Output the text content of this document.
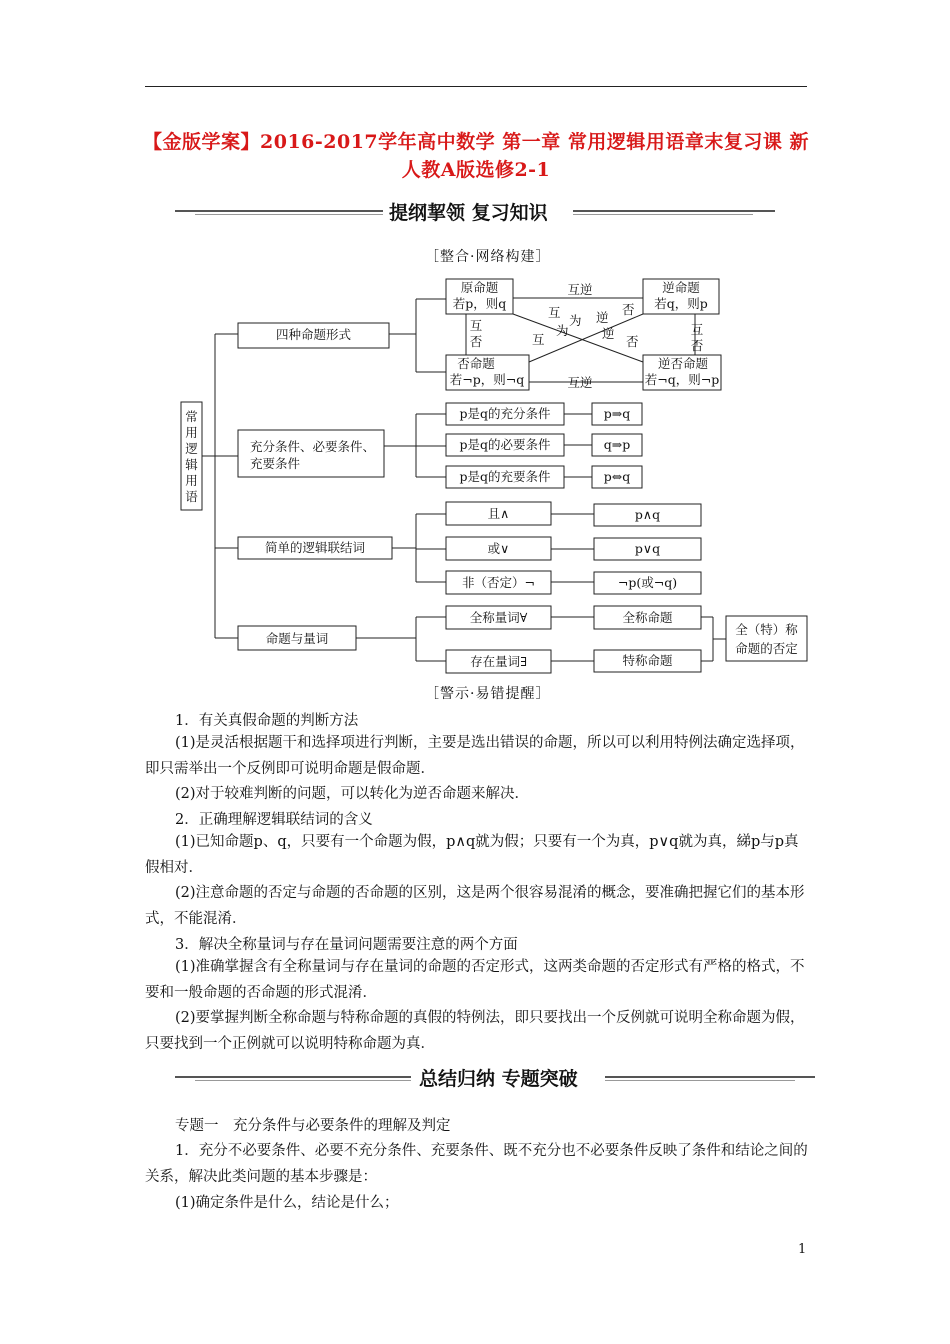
【金版学案】2016-2017学年高中数学 第一章 常用逻辑用语章末复习课 新人教A版选修2-1
提纲挈领 复习知识
［整合·网络构建］
常
用
逻
辑
用
语
四种命题形式
原命题
若p，则q
逆命题
若q，则p
否命题
若¬p，则¬q
逆否命题
若¬q，则¬p
互逆
互逆
互
否
互
否
互
为 逆
否
互
为	逆
否
充分条件、必要条件、
充要条件
p是q的充分条件
p是q的必要条件
p是q的充要条件
p⇒q
q⇒p
p⇔q
简单的逻辑联结词
且∧
或∨
非（否定）¬
p∧q
p∨q
¬p(或¬q)
命题与量词
全称量词∀
存在量词∃
全称命题
特称命题
全（特）称
命题的否定
［警示·易错提醒］
1．有关真假命题的判断方法
(1)是灵活根据题干和选择项进行判断，主要是选出错误的命题，所以可以利用特例法确定选择项，即只需举出一个反例即可说明命题是假命题．
(2)对于较难判断的问题，可以转化为逆否命题来解决．
2．正确理解逻辑联结词的含义
(1)已知命题p、q，只要有一个命题为假，p∧q就为假；只要有一个为真，p∨q就为真，綈p与p真假相对．
(2)注意命题的否定与命题的否命题的区别，这是两个很容易混淆的概念，要准确把握它们的基本形式，不能混淆．
3．解决全称量词与存在量词问题需要注意的两个方面
(1)准确掌握含有全称量词与存在量词的命题的否定形式，这两类命题的否定形式有严格的格式，不要和一般命题的否命题的形式混淆．
(2)要掌握判断全称命题与特称命题的真假的特例法，即只要找出一个反例就可说明全称命题为假，只要找到一个正例就可以说明特称命题为真．
总结归纳 专题突破
专题一　充分条件与必要条件的理解及判定
1．充分不必要条件、必要不充分条件、充要条件、既不充分也不必要条件反映了条件和结论之间的关系，解决此类问题的基本步骤是：
(1)确定条件是什么，结论是什么；
1
